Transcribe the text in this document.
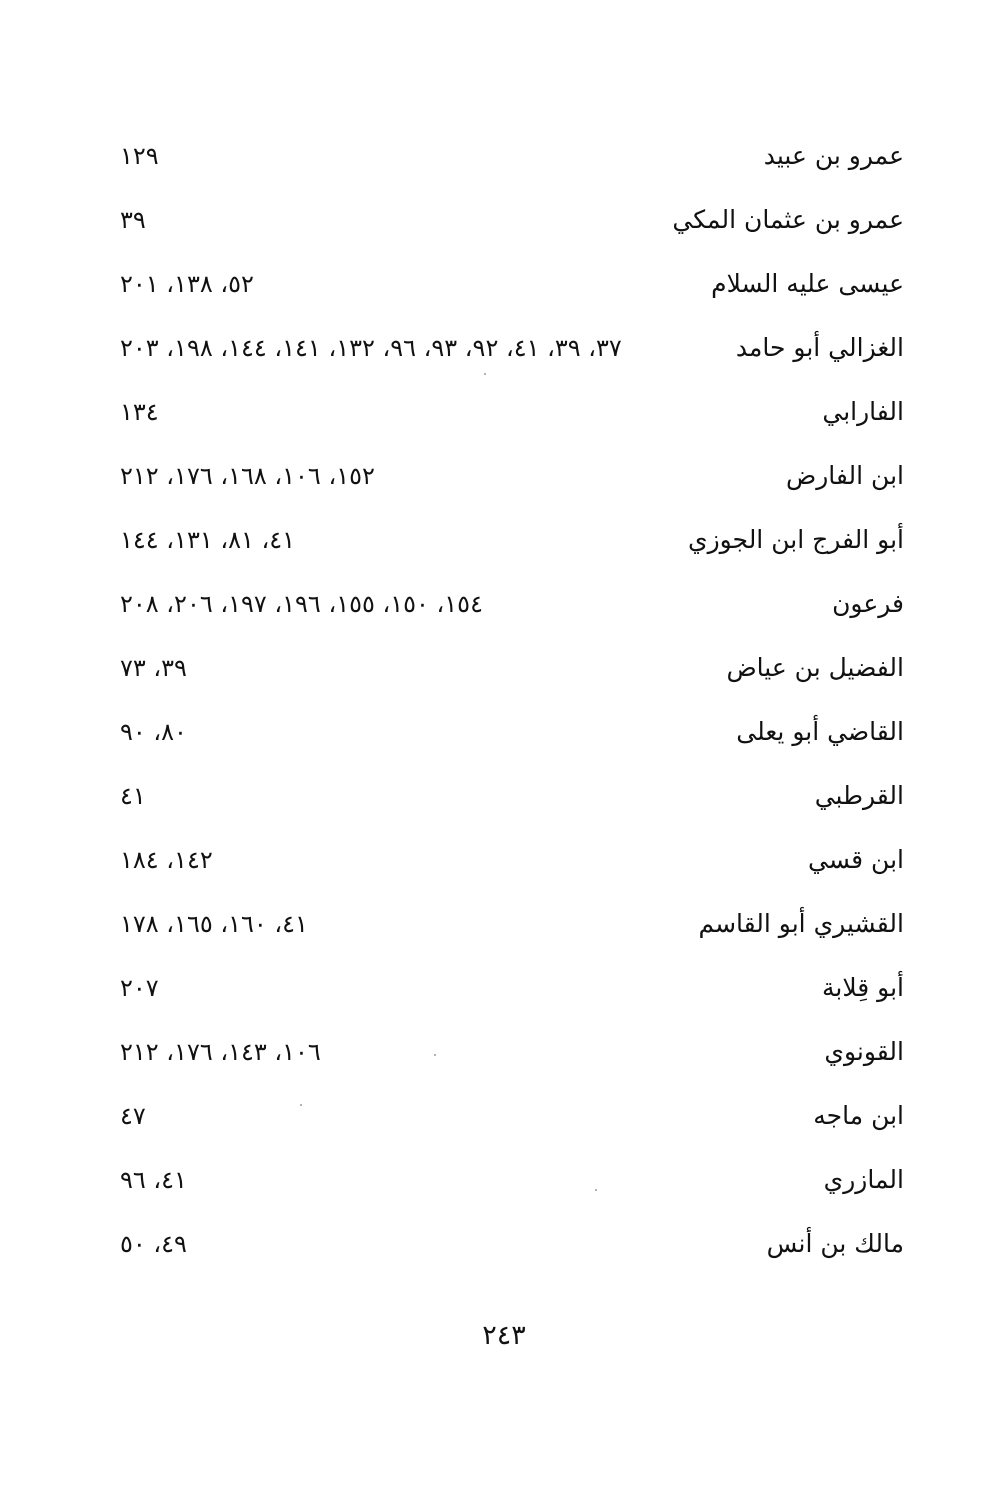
عمرو بن عبيد
١٢٩
عمرو بن عثمان المكي
٣٩
عيسى عليه السلام
٥٢، ١٣٨، ٢٠١
الغزالي أبو حامد
٣٧، ٣٩، ٤١، ٩٢، ٩٣، ٩٦، ١٣٢، ١٤١، ١٤٤، ١٩٨، ٢٠٣
الفارابي
١٣٤
ابن الفارض
١٥٢، ١٠٦، ١٦٨، ١٧٦، ٢١٢
أبو الفرج ابن الجوزي
٤١، ٨١، ١٣١، ١٤٤
فرعون
١٥٤، ١٥٠، ١٥٥، ١٩٦، ١٩٧، ٢٠٦، ٢٠٨
الفضيل بن عياض
٣٩، ٧٣
القاضي أبو يعلى
٨٠، ٩٠
القرطبي
٤١
ابن قسي
١٤٢، ١٨٤
القشيري أبو القاسم
٤١، ١٦٠، ١٦٥، ١٧٨
أبو قِلابة
٢٠٧
القونوي
١٠٦، ١٤٣، ١٧٦، ٢١٢
ابن ماجه
٤٧
المازري
٤١، ٩٦
مالك بن أنس
٤٩، ٥٠
٢٤٣
